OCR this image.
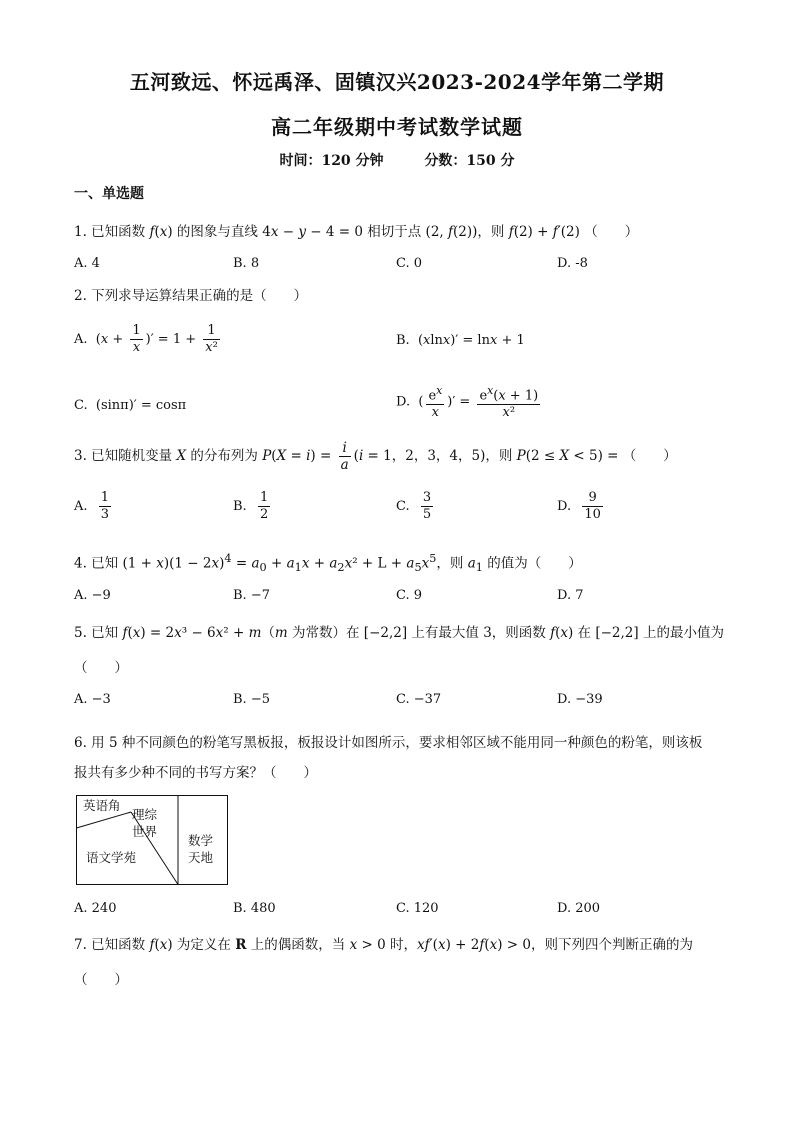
五河致远、怀远禹泽、固镇汉兴2023-2024学年第二学期
高二年级期中考试数学试题
时间：120 分钟	分数：150 分
一、单选题
1. 已知函数 f(x) 的图象与直线 4x − y − 4 = 0 相切于点 (2, f(2))，则 f(2) + f′(2) （　　）
A. 4	B. 8	C. 0	D. -8
2. 下列求导运算结果正确的是（　　）
A.  ($x + \frac{1}{x}$ )′ = $1 + \frac{1}{\text{x²}}$	B.  (xlnx)′ = lnx + 1
C.  (sinπ)′ = cosπ	D.  ( $\frac{e^x}{x}$ )′ = $\frac{e^x(x + 1)}{\text{x²}}$
3. 已知随机变量 X 的分布列为 $P(X = i) = \frac{i}{a} (i = 1$，2，3，4，5)，则 P(2 ≤ X < 5) = （　　）
A. $\frac{1}{3}$	B. $\frac{1}{2}$	C. $\frac{3}{5}$	D. $\frac{9}{10}$
4. 已知 $(1 + x)(1 - 2x)^4 = a_0 + a_1x + a_2x^2 + L + a_5x^5$，则 $a_1$ 的值为（　　）
A. −9	B. −7	C. 9	D. 7
5. 已知 f(x) = 2x³ − 6x² + m（m 为常数）在 [−2,2] 上有最大值 3，则函数 f(x) 在 [−2,2] 上的最小值为
（　　）
A. −3	B. −5	C. −37	D. −39
6. 用 5 种不同颜色的粉笔写黑板报，板报设计如图所示，要求相邻区域不能用同一种颜色的粉笔，则该板
报共有多少种不同的书写方案？（　　）
英语角
理综
世界
语文学苑
数学
天地
A. 240	B. 480	C. 120	D. 200
7. 已知函数 f(x) 为定义在 R 上的偶函数，当 x > 0 时，xf′(x) + 2f(x) > 0，则下列四个判断正确的为
（　　）
